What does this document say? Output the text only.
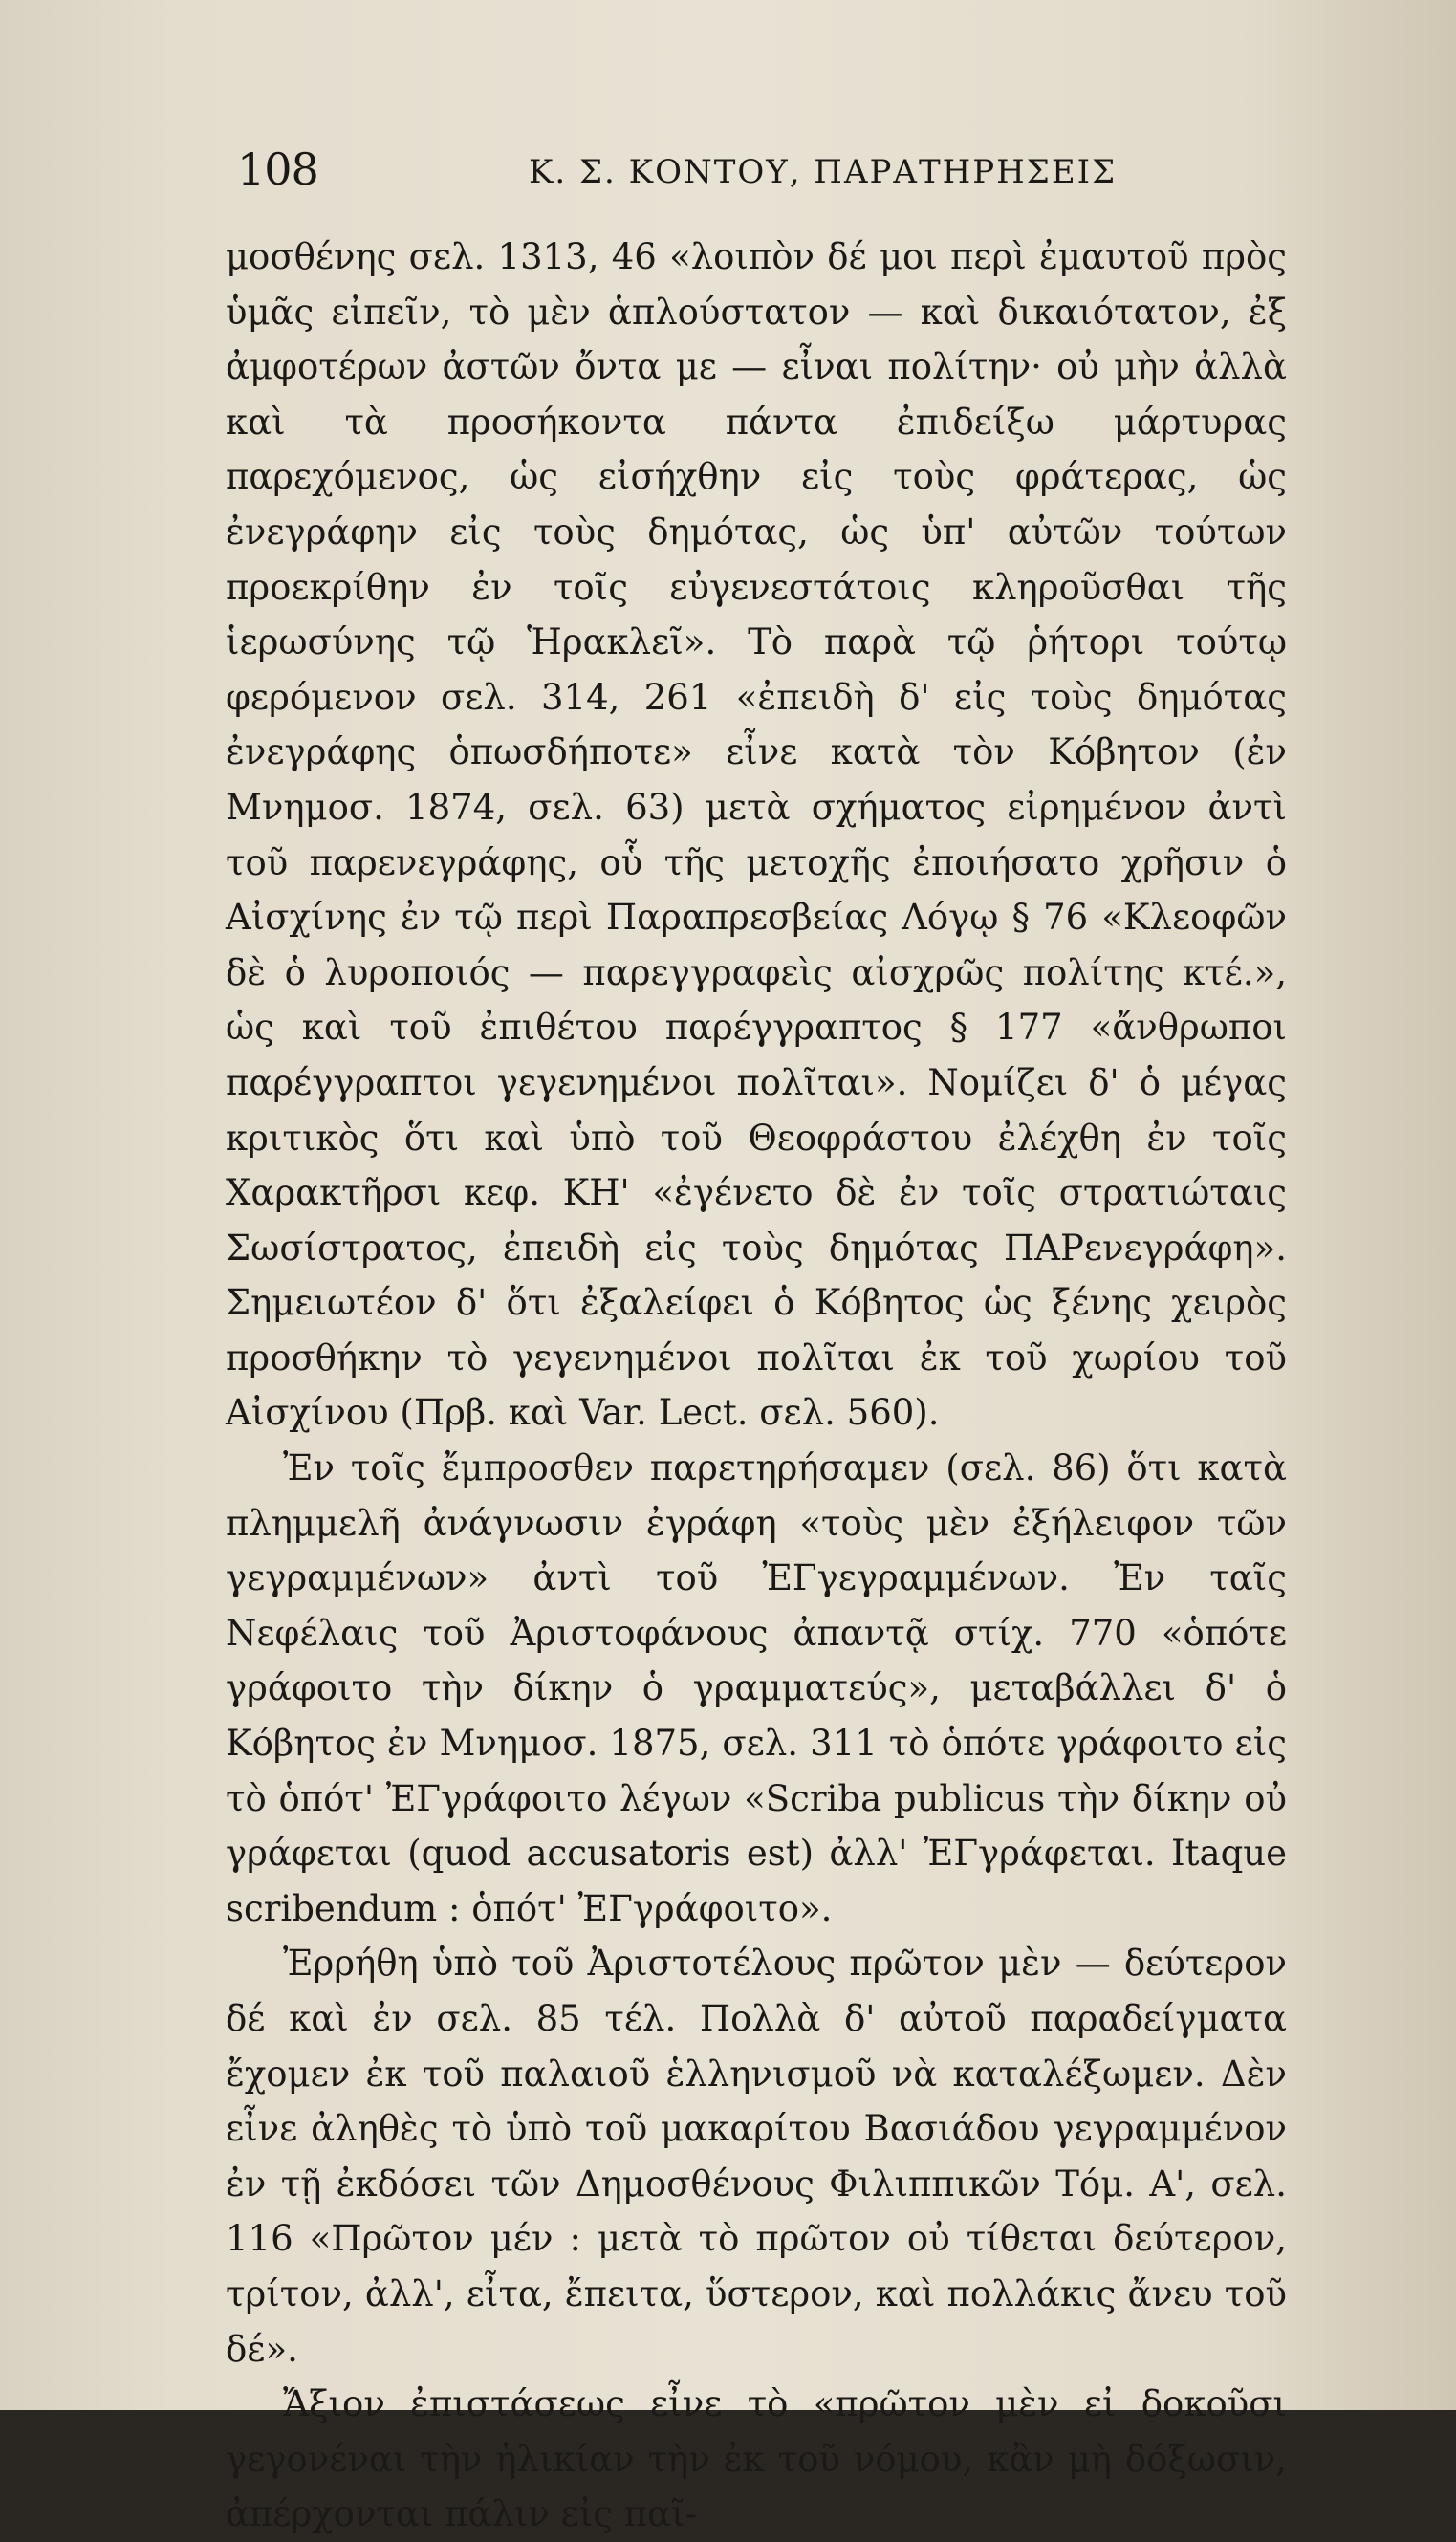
108	Κ. Σ. ΚΟΝΤΟΥ, ΠΑΡΑΤΗΡΗΣΕΙΣ

μοσθένης σελ. 1313, 46 «λοιπὸν δέ μοι περὶ ἐμαυτοῦ πρὸς ὑμᾶς εἰπεῖν, τὸ μὲν ἁπλούστατον — καὶ δικαιότατον, ἐξ ἀμφοτέρων ἀστῶν ὄντα με — εἶναι πολίτην· οὐ μὴν ἀλλὰ καὶ τὰ προσήκοντα πάντα ἐπιδείξω μάρτυρας παρεχόμενος, ὡς εἰσήχθην εἰς τοὺς φράτερας, ὡς ἐνεγράφην εἰς τοὺς δημότας, ὡς ὑπ' αὐτῶν τούτων προεκρίθην ἐν τοῖς εὐγενεστάτοις κληροῦσθαι τῆς ἱερωσύνης τῷ Ἡρακλεῖ». Τὸ παρὰ τῷ ῥήτορι τούτῳ φερόμενον σελ. 314, 261 «ἐπειδὴ δ' εἰς τοὺς δημότας ἐνεγράφης ὁπωσδήποτε» εἶνε κατὰ τὸν Κόβητον (ἐν Μνημοσ. 1874, σελ. 63) μετὰ σχήματος εἰρημένον ἀντὶ τοῦ παρενεγράφης, οὗ τῆς μετοχῆς ἐποιήσατο χρῆσιν ὁ Αἰσχίνης ἐν τῷ περὶ Παραπρεσβείας Λόγῳ § 76 «Κλεοφῶν δὲ ὁ λυροποιός — παρεγγραφεὶς αἰσχρῶς πολίτης κτέ.», ὡς καὶ τοῦ ἐπιθέτου παρέγγραπτος § 177 «ἄνθρωποι παρέγγραπτοι γεγενημένοι πολῖται». Νομίζει δ' ὁ μέγας κριτικὸς ὅτι καὶ ὑπὸ τοῦ Θεοφράστου ἐλέχθη ἐν τοῖς Χαρακτῆρσι κεφ. ΚΗ' «ἐγένετο δὲ ἐν τοῖς στρατιώταις Σωσίστρατος, ἐπειδὴ εἰς τοὺς δημότας ΠΑΡενεγράφη». Σημειωτέον δ' ὅτι ἐξαλείφει ὁ Κόβητος ὡς ξένης χειρὸς προσθήκην τὸ γεγενημένοι πολῖται ἐκ τοῦ χωρίου τοῦ Αἰσχίνου (Πρβ. καὶ Var. Lect. σελ. 560).

Ἐν τοῖς ἔμπροσθεν παρετηρήσαμεν (σελ. 86) ὅτι κατὰ πλημμελῆ ἀνάγνωσιν ἐγράφη «τοὺς μὲν ἐξήλειφον τῶν γεγραμμένων» ἀντὶ τοῦ ἘΓγεγραμμένων. Ἐν ταῖς Νεφέλαις τοῦ Ἀριστοφάνους ἀπαντᾷ στίχ. 770 «ὁπότε γράφοιτο τὴν δίκην ὁ γραμματεύς», μεταβάλλει δ' ὁ Κόβητος ἐν Μνημοσ. 1875, σελ. 311 τὸ ὁπότε γράφοιτο εἰς τὸ ὁπότ' ἘΓγράφοιτο λέγων «Scriba publicus τὴν δίκην οὐ γράφεται (quod accusatoris est) ἀλλ' ἘΓγράφεται. Itaque scribendum : ὁπότ' ἘΓγράφοιτο».

Ἐρρήθη ὑπὸ τοῦ Ἀριστοτέλους πρῶτον μὲν — δεύτερον δέ καὶ ἐν σελ. 85 τέλ. Πολλὰ δ' αὐτοῦ παραδείγματα ἔχομεν ἐκ τοῦ παλαιοῦ ἑλληνισμοῦ νὰ καταλέξωμεν. Δὲν εἶνε ἀληθὲς τὸ ὑπὸ τοῦ μακαρίτου Βασιάδου γεγραμμένον ἐν τῇ ἐκδόσει τῶν Δημοσθένους Φιλιππικῶν Τόμ. Α', σελ. 116 «Πρῶτον μέν : μετὰ τὸ πρῶτον οὐ τίθεται δεύτερον, τρίτον, ἀλλ', εἶτα, ἔπειτα, ὕστερον, καὶ πολλάκις ἄνευ τοῦ δέ».

Ἄξιον ἐπιστάσεως εἶνε τὸ «πρῶτον μὲν εἰ δοκοῦσι γεγονέναι τὴν ἡλικίαν τὴν ἐκ τοῦ νόμου, κἂν μὴ δόξωσιν, ἀπέρχονται πάλιν εἰς παῖ-
